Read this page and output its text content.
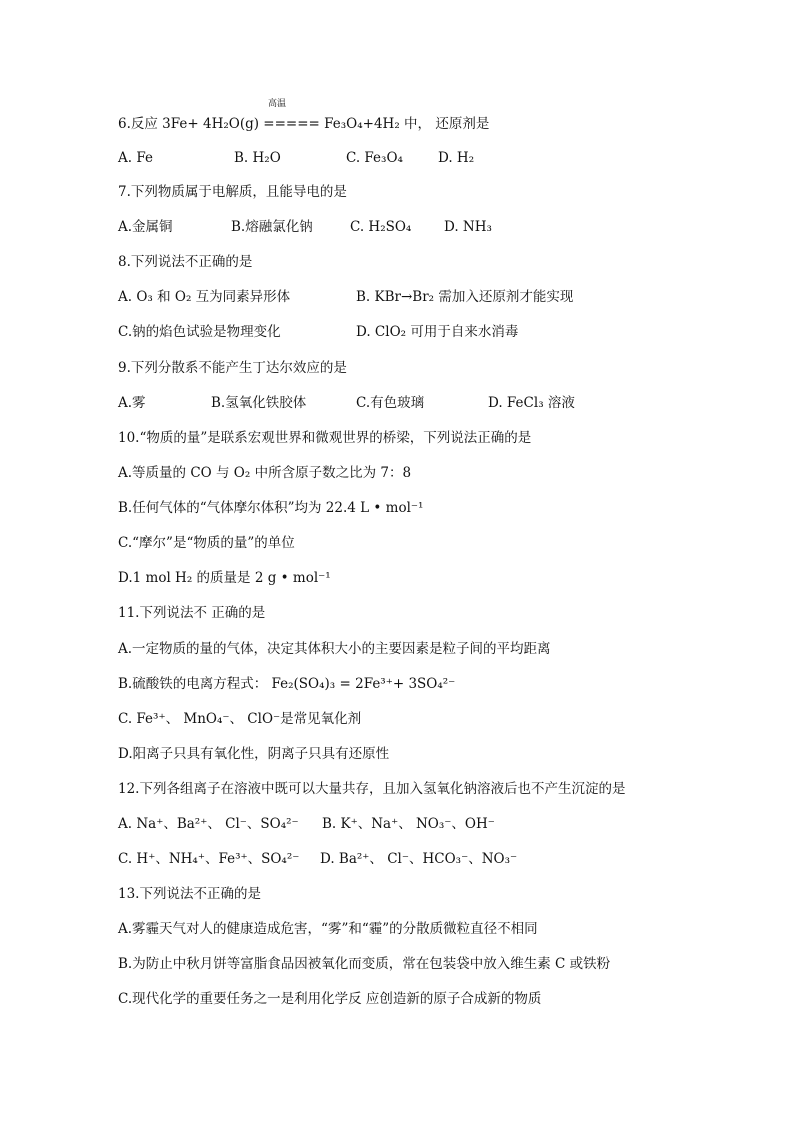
高温
6.反应 3Fe+ 4H₂O(g) ===== Fe₃O₄+4H₂ 中， 还原剂是
A. Fe	B. H₂O	C. Fe₃O₄	D. H₂
7.下列物质属于电解质，且能导电的是
A.金属铜	B.熔融氯化钠	C. H₂SO₄ D. NH₃
8.下列说法不正确的是
A. O₃ 和 O₂ 互为同素异形体	B. KBr→Br₂ 需加入还原剂才能实现
C.钠的焰色试验是物理变化	D. ClO₂ 可用于自来水消毒
9.下列分散系不能产生丁达尔效应的是
A.雾	B.氢氧化铁胶体	C.有色玻璃	D. FeCl₃ 溶液
10.“物质的量”是联系宏观世界和微观世界的桥梁，下列说法正确的是
A.等质量的 CO 与 O₂ 中所含原子数之比为 7：8
B.任何气体的“气体摩尔体积”均为 22.4 L • mol⁻¹
C.“摩尔”是“物质的量”的单位
D.1 mol H₂ 的质量是 2 g • mol⁻¹
11.下列说法不 正确的是
A.一定物质的量的气体，决定其体积大小的主要因素是粒子间的平均距离
B.硫酸铁的电离方程式： Fe₂(SO₄)₃ = 2Fe³⁺+ 3SO₄²⁻
C. Fe³⁺、 MnO₄⁻、 ClO⁻是常见氧化剂
D.阳离子只具有氧化性，阴离子只具有还原性
12.下列各组离子在溶液中既可以大量共存，且加入氢氧化钠溶液后也不产生沉淀的是
A. Na⁺、Ba²⁺、 Cl⁻、SO₄²⁻ B. K⁺、Na⁺、 NO₃⁻、OH⁻
C. H⁺、NH₄⁺、Fe³⁺、SO₄²⁻ D. Ba²⁺、 Cl⁻、HCO₃⁻、NO₃⁻
13.下列说法不正确的是
A.雾霾天气对人的健康造成危害，“雾”和“霾”的分散质微粒直径不相同
B.为防止中秋月饼等富脂食品因被氧化而变质，常在包装袋中放入维生素 C 或铁粉
C.现代化学的重要任务之一是利用化学反 应创造新的原子合成新的物质
